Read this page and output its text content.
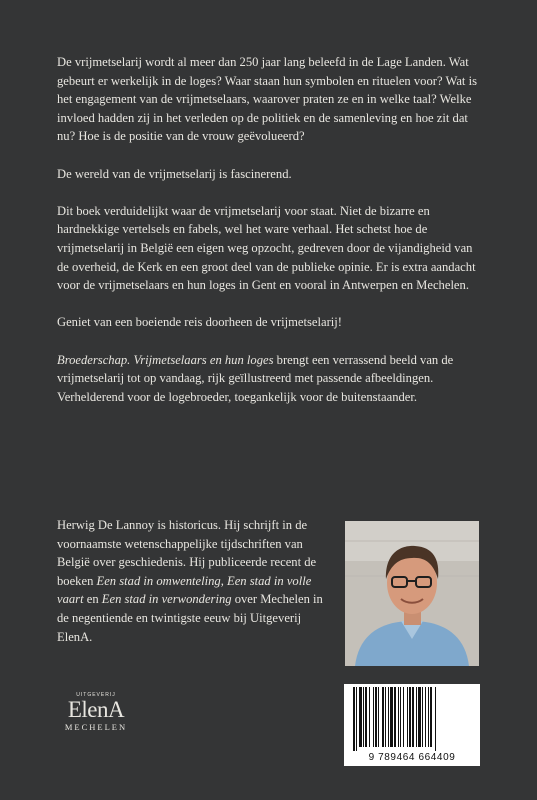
De vrijmetselarij wordt al meer dan 250 jaar lang beleefd in de Lage Landen. Wat gebeurt er werkelijk in de loges? Waar staan hun symbolen en rituelen voor? Wat is het engagement van de vrijmetselaars, waarover praten ze en in welke taal? Welke invloed hadden zij in het verleden op de politiek en de samenleving en hoe zit dat nu? Hoe is de positie van de vrouw geëvolueerd?

De wereld van de vrijmetselarij is fascinerend.

Dit boek verduidelijkt waar de vrijmetselarij voor staat. Niet de bizarre en hardnekkige vertelsels en fabels, wel het ware verhaal. Het schetst hoe de vrijmetselarij in België een eigen weg opzocht, gedreven door de vijandigheid van de overheid, de Kerk en een groot deel van de publieke opinie. Er is extra aandacht voor de vrijmetselaars en hun loges in Gent en vooral in Antwerpen en Mechelen.

Geniet van een boeiende reis doorheen de vrijmetselarij!

Broederschap. Vrijmetselaars en hun loges brengt een verrassend beeld van de vrijmetselarij tot op vandaag, rijk geïllustreerd met passende afbeeldingen. Verhelderend voor de logebroeder, toegankelijk voor de buitenstaander.

Herwig De Lannoy is historicus. Hij schrijft in de voornaamste wetenschappelijke tijdschriften van België over geschiedenis. Hij publiceerde recent de boeken Een stad in omwenteling, Een stad in volle vaart en Een stad in verwondering over Mechelen in de negentiende en twintigste eeuw bij Uitgeverij ElenA.

UITGEVERIJ
ElenA
MECHELEN
9 789464 664409
